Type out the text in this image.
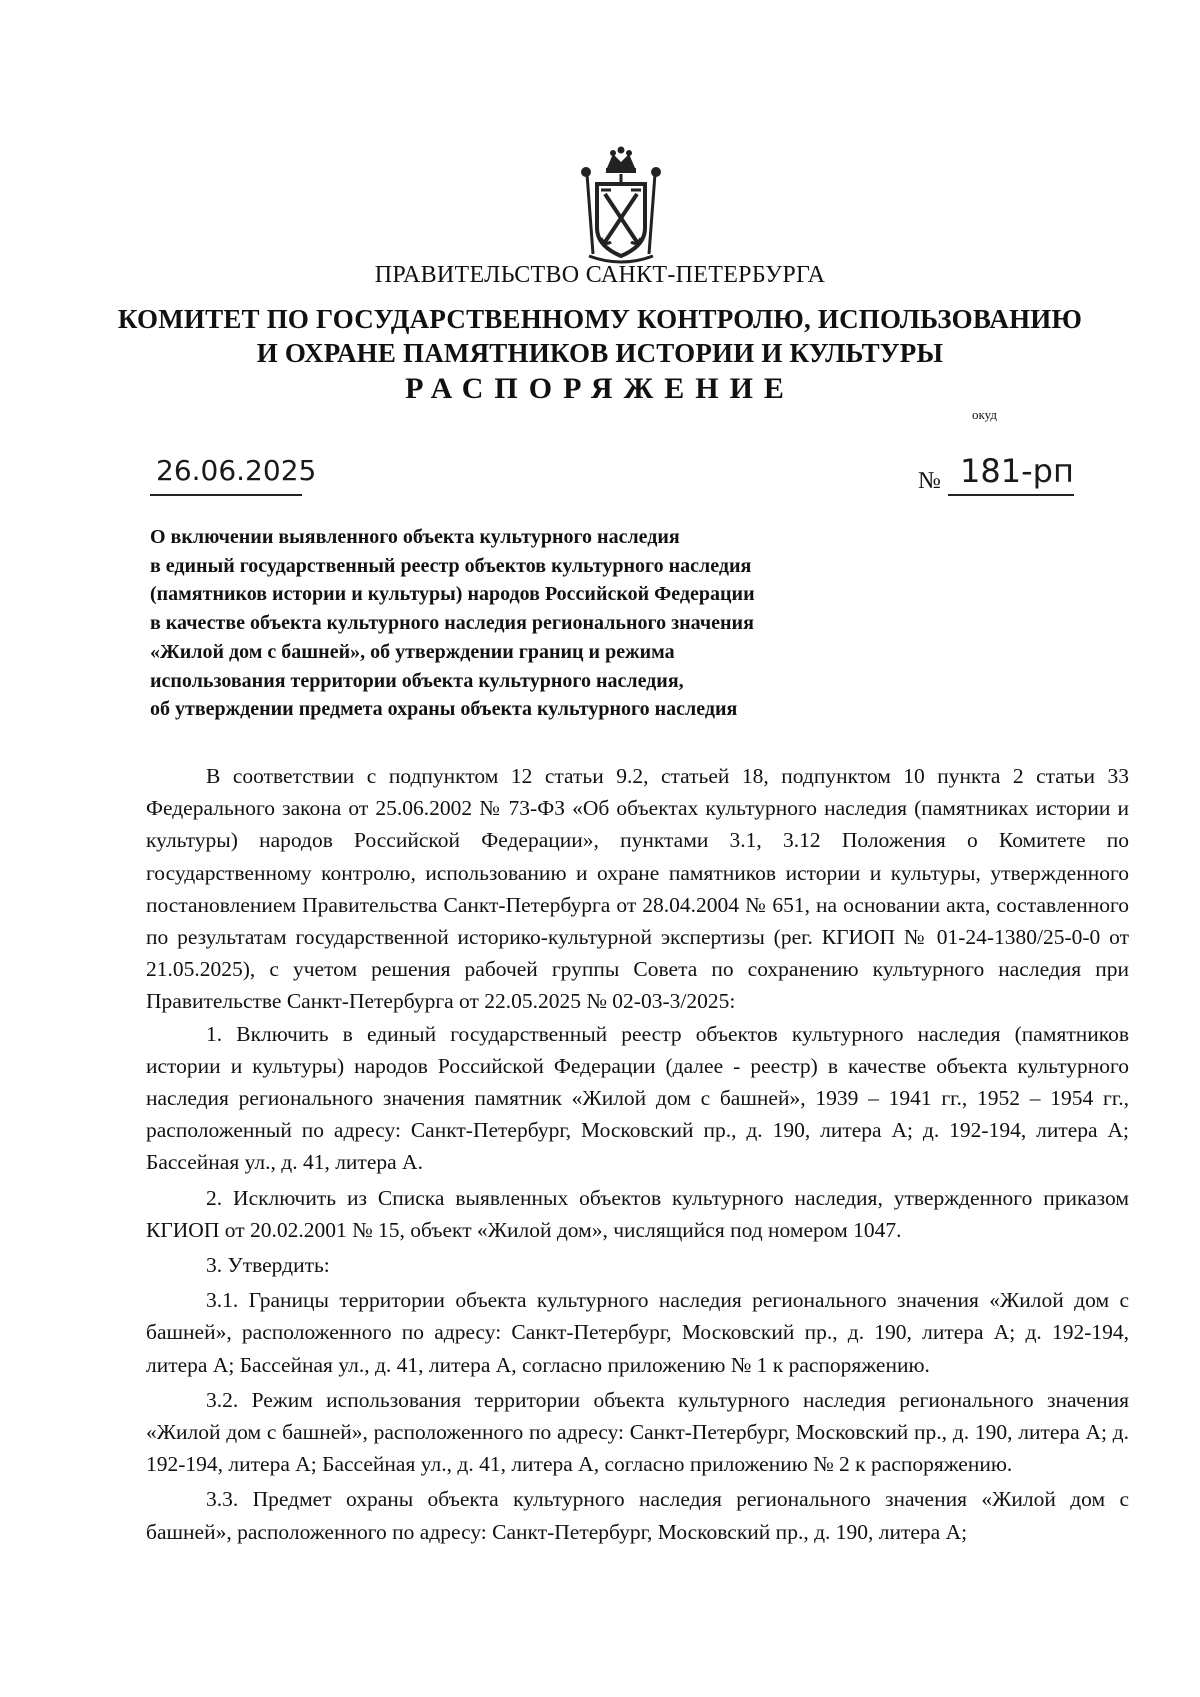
ПРАВИТЕЛЬСТВО САНКТ-ПЕТЕРБУРГА
КОМИТЕТ ПО ГОСУДАРСТВЕННОМУ КОНТРОЛЮ, ИСПОЛЬЗОВАНИЮ
И ОХРАНЕ ПАМЯТНИКОВ ИСТОРИИ И КУЛЬТУРЫ
РАСПОРЯЖЕНИЕ
окуд
26.06.2025	№ 181-рп
О включении выявленного объекта культурного наследия
в единый государственный реестр объектов культурного наследия
(памятников истории и культуры) народов Российской Федерации
в качестве объекта культурного наследия регионального значения
«Жилой дом с башней», об утверждении границ и режима
использования территории объекта культурного наследия,
об утверждении предмета охраны объекта культурного наследия

В соответствии с подпунктом 12 статьи 9.2, статьей 18, подпунктом 10 пункта 2 статьи 33 Федерального закона от 25.06.2002 № 73-ФЗ «Об объектах культурного наследия (памятниках истории и культуры) народов Российской Федерации», пунктами 3.1, 3.12 Положения о Комитете по государственному контролю, использованию и охране памятников истории и культуры, утвержденного постановлением Правительства Санкт-Петербурга от 28.04.2004 № 651, на основании акта, составленного по результатам государственной историко-культурной экспертизы (рег. КГИОП № 01-24-1380/25-0-0 от 21.05.2025), с учетом решения рабочей группы Совета по сохранению культурного наследия при Правительстве Санкт-Петербурга от 22.05.2025 № 02-03-3/2025:

1. Включить в единый государственный реестр объектов культурного наследия (памятников истории и культуры) народов Российской Федерации (далее - реестр) в качестве объекта культурного наследия регионального значения памятник «Жилой дом с башней», 1939 – 1941 гг., 1952 – 1954 гг., расположенный по адресу: Санкт-Петербург, Московский пр., д. 190, литера А; д. 192-194, литера А; Бассейная ул., д. 41, литера А.

2. Исключить из Списка выявленных объектов культурного наследия, утвержденного приказом КГИОП от 20.02.2001 № 15, объект «Жилой дом», числящийся под номером 1047.

3. Утвердить:

3.1. Границы территории объекта культурного наследия регионального значения «Жилой дом с башней», расположенного по адресу: Санкт-Петербург, Московский пр., д. 190, литера А; д. 192-194, литера А; Бассейная ул., д. 41, литера А, согласно приложению № 1 к распоряжению.

3.2. Режим использования территории объекта культурного наследия регионального значения «Жилой дом с башней», расположенного по адресу: Санкт-Петербург, Московский пр., д. 190, литера А; д. 192-194, литера А; Бассейная ул., д. 41, литера А, согласно приложению № 2 к распоряжению.

3.3. Предмет охраны объекта культурного наследия регионального значения «Жилой дом с башней», расположенного по адресу: Санкт-Петербург, Московский пр., д. 190, литера А;
